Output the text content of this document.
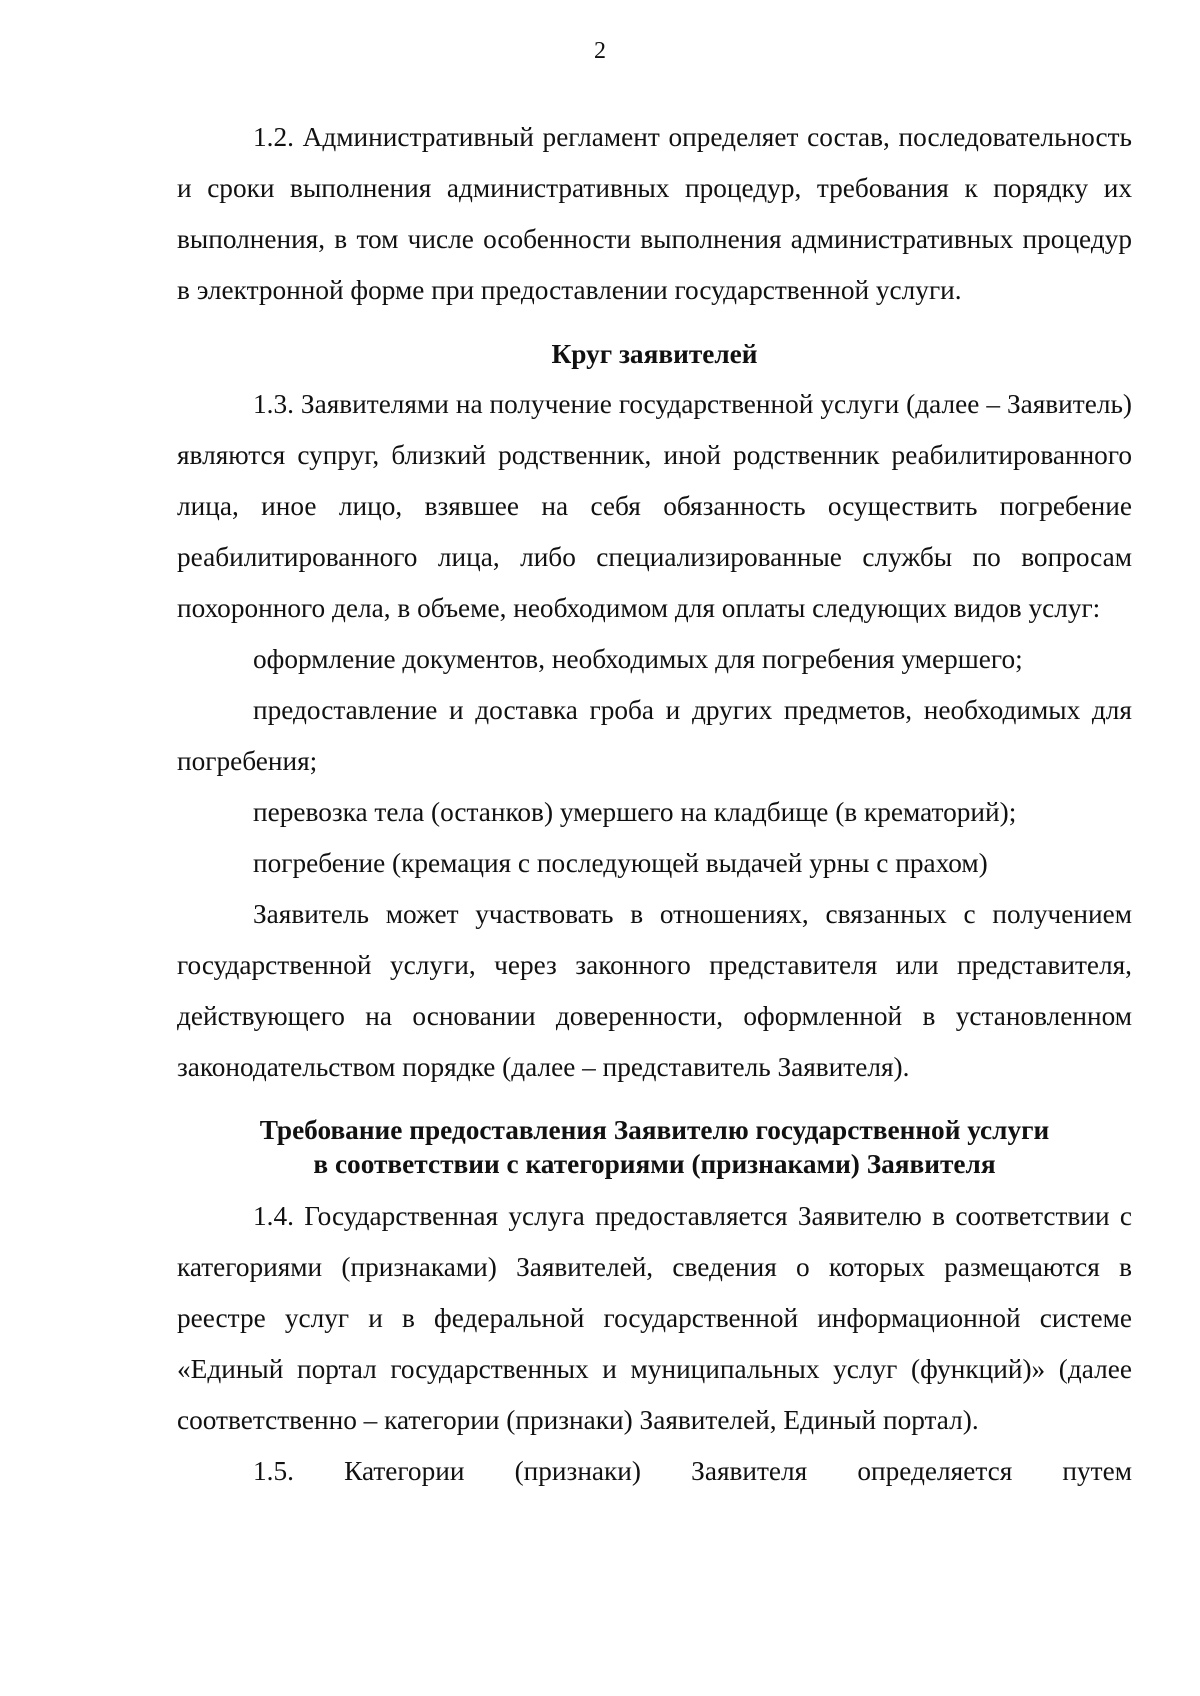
2

1.2. Административный регламент определяет состав, последовательность и сроки выполнения административных процедур, требования к порядку их выполнения, в том числе особенности выполнения административных процедур в электронной форме при предоставлении государственной услуги.

Круг заявителей

1.3. Заявителями на получение государственной услуги (далее – Заявитель) являются супруг, близкий родственник, иной родственник реабилитированного лица, иное лицо, взявшее на себя обязанность осуществить погребение реабилитированного лица, либо специализированные службы по вопросам похоронного дела, в объеме, необходимом для оплаты следующих видов услуг:

оформление документов, необходимых для погребения умершего;

предоставление и доставка гроба и других предметов, необходимых для погребения;

перевозка тела (останков) умершего на кладбище (в крематорий);

погребение (кремация с последующей выдачей урны с прахом)

Заявитель может участвовать в отношениях, связанных с получением государственной услуги, через законного представителя или представителя, действующего на основании доверенности, оформленной в установленном законодательством порядке (далее – представитель Заявителя).

Требование предоставления Заявителю государственной услуги

в соответствии с категориями (признаками) Заявителя

1.4. Государственная услуга предоставляется Заявителю в соответствии с категориями (признаками) Заявителей, сведения о которых размещаются в реестре услуг и в федеральной государственной информационной системе «Единый портал государственных и муниципальных услуг (функций)» (далее соответственно – категории (признаки) Заявителей, Единый портал).

1.5. Категории (признаки) Заявителя определяется путем
